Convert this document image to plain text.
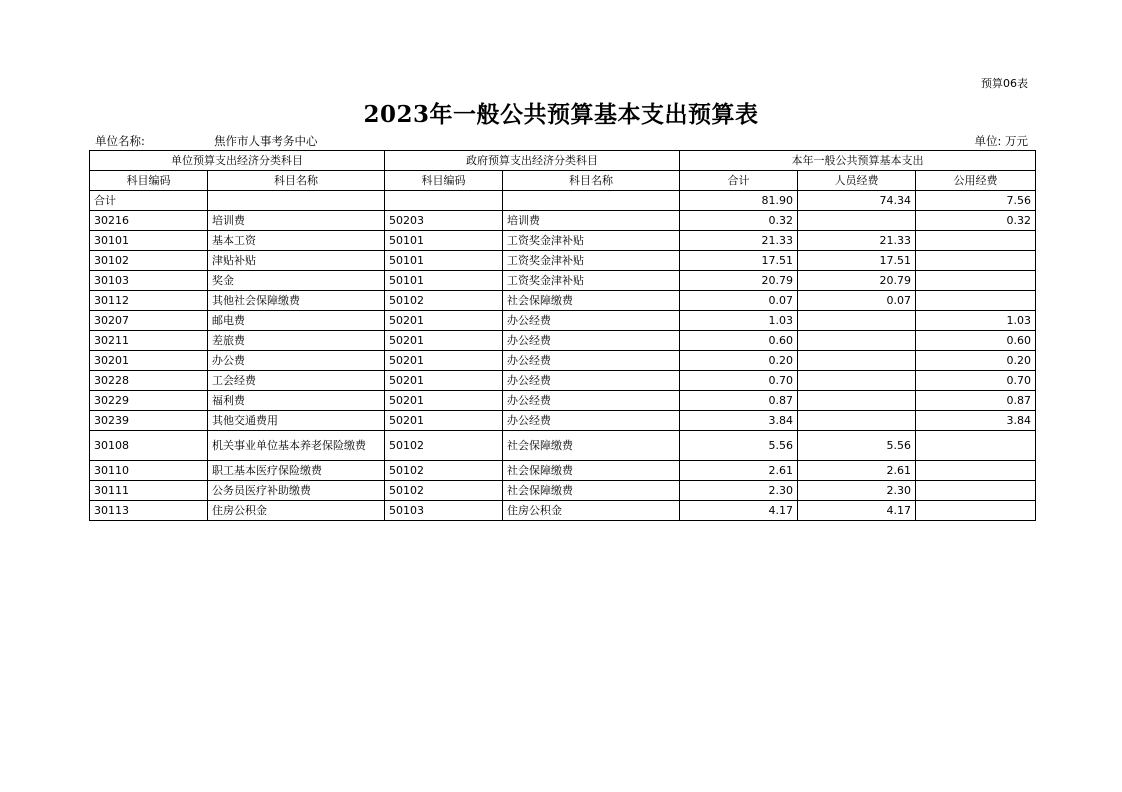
预算06表
2023年一般公共预算基本支出预算表
单位名称:	焦作市人事考务中心	单位: 万元
单位预算支出经济分类科目		政府预算支出经济分类科目		本年一般公共预算基本支出		
科目编码	科目名称	科目编码	科目名称	合计	人员经费	公用经费
合计				81.90	74.34	7.56
30216	培训费	50203	培训费	0.32		0.32
30101	基本工资	50101	工资奖金津补贴	21.33	21.33	
30102	津贴补贴	50101	工资奖金津补贴	17.51	17.51	
30103	奖金	50101	工资奖金津补贴	20.79	20.79	
30112	其他社会保障缴费	50102	社会保障缴费	0.07	0.07	
30207	邮电费	50201	办公经费	1.03		1.03
30211	差旅费	50201	办公经费	0.60		0.60
30201	办公费	50201	办公经费	0.20		0.20
30228	工会经费	50201	办公经费	0.70		0.70
30229	福利费	50201	办公经费	0.87		0.87
30239	其他交通费用	50201	办公经费	3.84		3.84
30108	机关事业单位基本养老保险缴费	50102	社会保障缴费	5.56	5.56	
30110	职工基本医疗保险缴费	50102	社会保障缴费	2.61	2.61	
30111	公务员医疗补助缴费	50102	社会保障缴费	2.30	2.30	
30113	住房公积金	50103	住房公积金	4.17	4.17	
